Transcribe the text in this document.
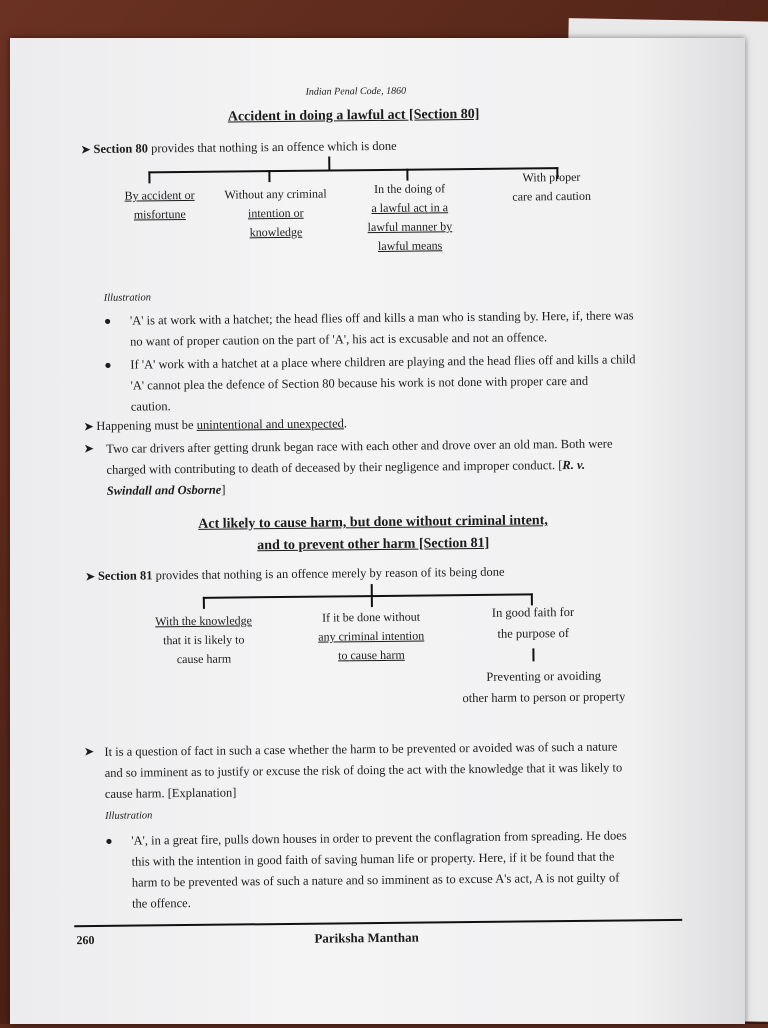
Indian Penal Code, 1860
Accident in doing a lawful act [Section 80]
➤ Section 80 provides that nothing is an offence which is done
By accident or
misfortune
Without any criminal
intention or
knowledge
In the doing of
a lawful act in a
lawful manner by
lawful means
With proper
care and caution
Illustration
● 'A' is at work with a hatchet; the head flies off and kills a man who is standing by. Here, if, there was
no want of proper caution on the part of 'A', his act is excusable and not an offence.
● If 'A' work with a hatchet at a place where children are playing and the head flies off and kills a child
'A' cannot plea the defence of Section 80 because his work is not done with proper care and
caution.
➤ Happening must be unintentional and unexpected.
➤ Two car drivers after getting drunk began race with each other and drove over an old man. Both were
charged with contributing to death of deceased by their negligence and improper conduct. [R. v.
Swindall and Osborne]
Act likely to cause harm, but done without criminal intent,
and to prevent other harm [Section 81]
➤ Section 81 provides that nothing is an offence merely by reason of its being done
With the knowledge
that it is likely to
cause harm
If it be done without
any criminal intention
to cause harm
In good faith for
the purpose of
Preventing or avoiding
other harm to person or property
➤ It is a question of fact in such a case whether the harm to be prevented or avoided was of such a nature
and so imminent as to justify or excuse the risk of doing the act with the knowledge that it was likely to
cause harm. [Explanation]
Illustration
● 'A', in a great fire, pulls down houses in order to prevent the conflagration from spreading. He does
this with the intention in good faith of saving human life or property. Here, if it be found that the
harm to be prevented was of such a nature and so imminent as to excuse A's act, A is not guilty of
the offence.
260	Pariksha Manthan
